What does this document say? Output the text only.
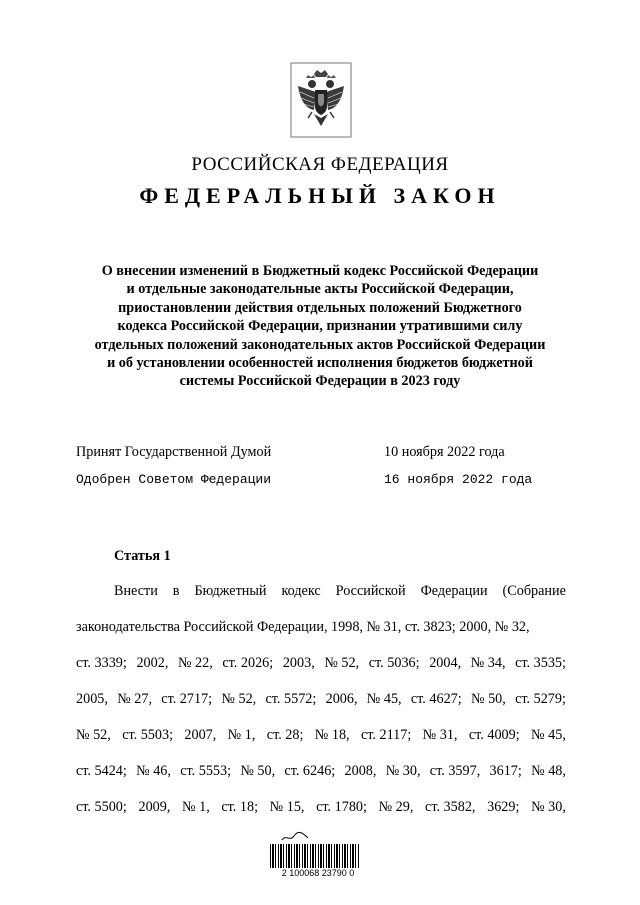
РОССИЙСКАЯ ФЕДЕРАЦИЯ
ФЕДЕРАЛЬНЫЙ ЗАКОН
О внесении изменений в Бюджетный кодекс Российской Федерации
и отдельные законодательные акты Российской Федерации,
приостановлении действия отдельных положений Бюджетного
кодекса Российской Федерации, признании утратившими силу
отдельных положений законодательных актов Российской Федерации
и об установлении особенностей исполнения бюджетов бюджетной
системы Российской Федерации в 2023 году
Принят Государственной Думой	10 ноября 2022 года
Одобрен Советом Федерации	16 ноября 2022 года
Статья 1
Внести в Бюджетный кодекс Российской Федерации (Собрание
законодательства Российской Федерации, 1998, № 31, ст. 3823; 2000, № 32,
ст. 3339; 2002, № 22, ст. 2026; 2003, № 52, ст. 5036; 2004, № 34, ст. 3535;
2005, № 27, ст. 2717; № 52, ст. 5572; 2006, № 45, ст. 4627; № 50, ст. 5279;
№ 52, ст. 5503; 2007, № 1, ст. 28; № 18, ст. 2117; № 31, ст. 4009; № 45,
ст. 5424; № 46, ст. 5553; № 50, ст. 6246; 2008, № 30, ст. 3597, 3617; № 48,
ст. 5500; 2009, № 1, ст. 18; № 15, ст. 1780; № 29, ст. 3582, 3629; № 30,
2 100068 23790 0
